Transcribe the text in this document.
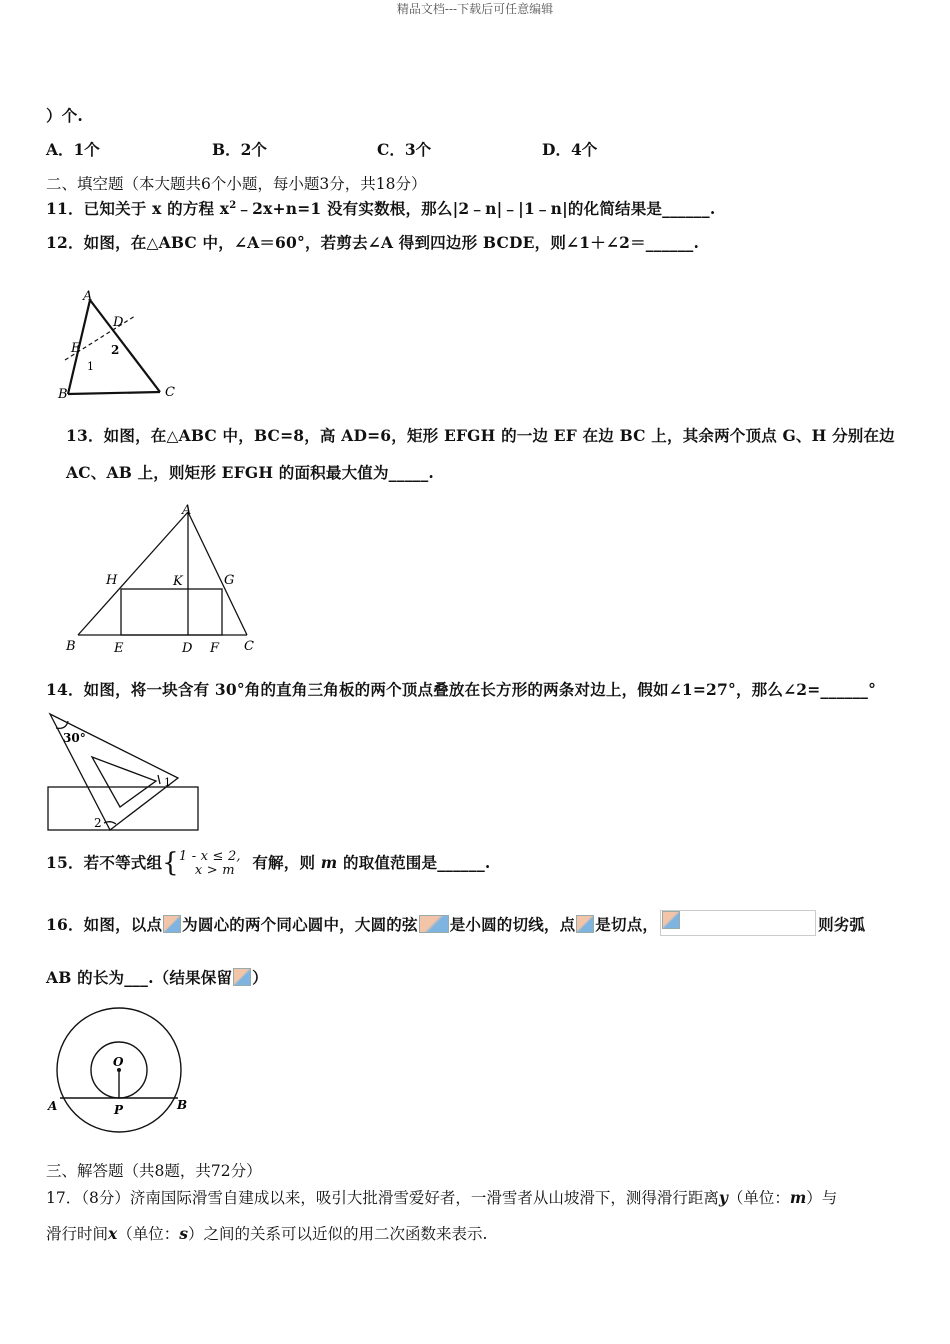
精品文档---下载后可任意编辑
）个.
A．1个	B．2个	C．3个	D．4个
二、填空题（本大题共6个小题，每小题3分，共18分）
11．已知关于 x 的方程 $x^2﹣2x+n=1$ 没有实数根，那么|2﹣n|﹣|1﹣n|的化简结果是______.
12．如图，在△ABC 中，∠A＝60°，若剪去∠A 得到四边形 BCDE，则∠1＋∠2＝______.
A
B	C
D
E
1
2
13．如图，在△ABC 中，BC=8，高 AD=6，矩形 EFGH 的一边 EF 在边 BC 上，其余两个顶点 G、H 分别在边
AC、AB 上，则矩形 EFGH 的面积最大值为_____.
A
B	C
D
E	F
G
H	K
14．如图，将一块含有 30°角的直角三角板的两个顶点叠放在长方形的两条对边上，假如∠1=27°，那么∠2=______°
30°
1
2
15．若不等式组{1 - x ≤ 2,
x > m 有解，则 m 的取值范围是______.
16．如图，以点 为圆心的两个同心圆中，大圆的弦 是小圆的切线，点 是切点，	则劣弧
AB 的长为___.（结果保留 ）
O
A	B
P
三、解答题（共8题，共72分）
17．（8分）济南国际滑雪自建成以来，吸引大批滑雪爱好者，一滑雪者从山坡滑下，测得滑行距离y（单位：m）与
滑行时间x（单位：s）之间的关系可以近似的用二次函数来表示.
